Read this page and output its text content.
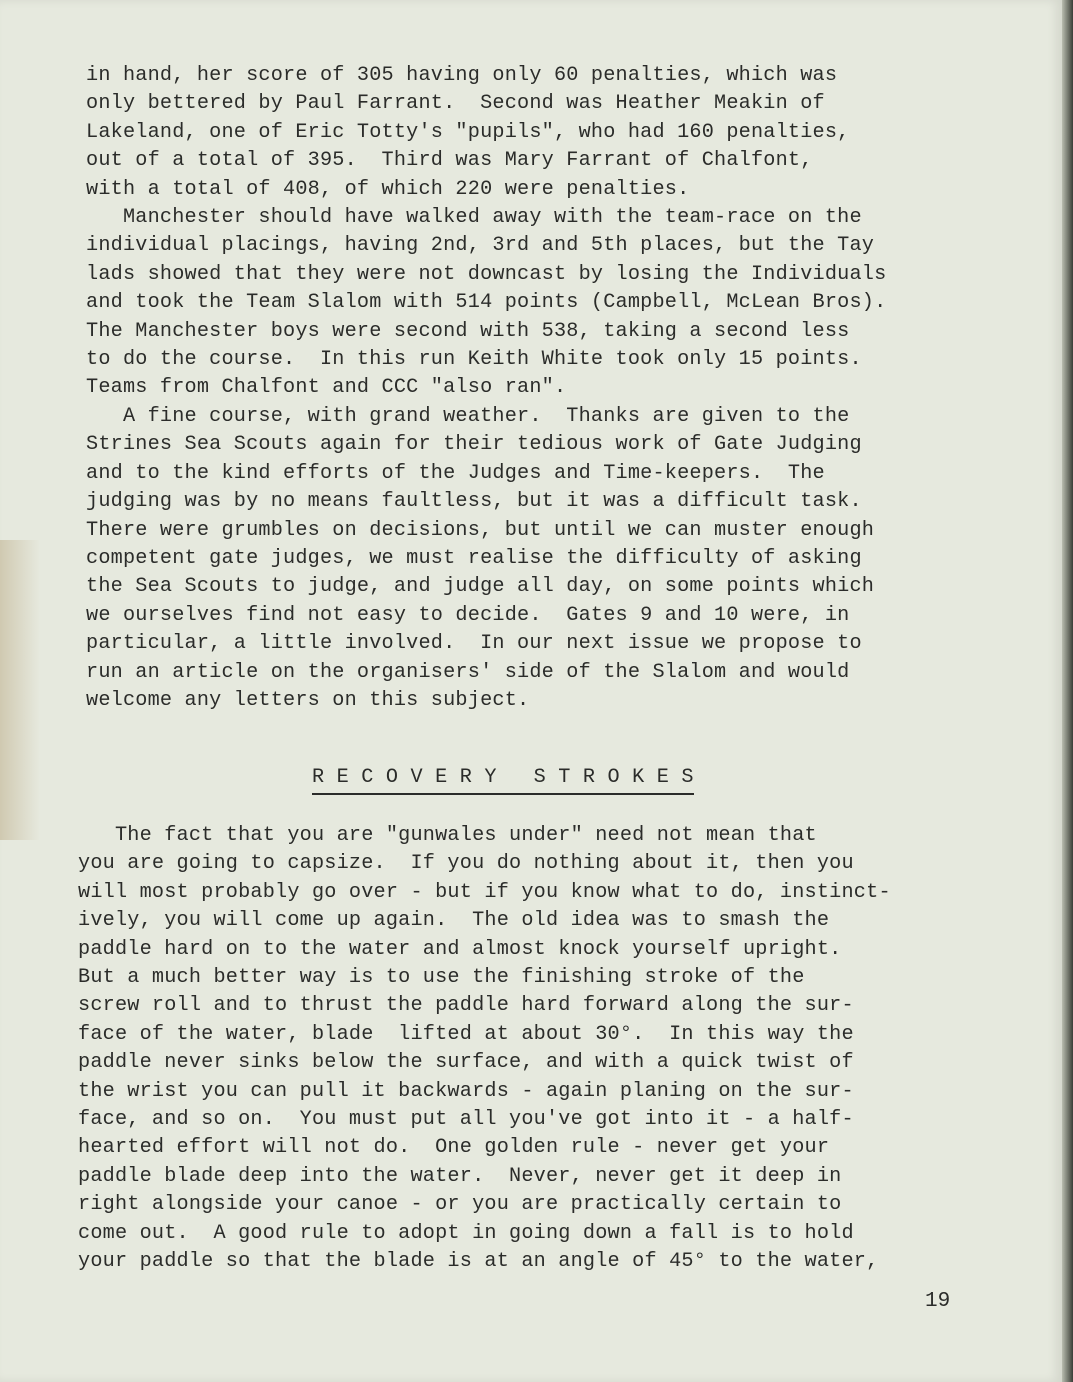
in hand, her score of 305 having only 60 penalties, which was
only bettered by Paul Farrant.  Second was Heather Meakin of
Lakeland, one of Eric Totty's "pupils", who had 160 penalties,
out of a total of 395.  Third was Mary Farrant of Chalfont,
with a total of 408, of which 220 were penalties.
Manchester should have walked away with the team-race on the
individual placings, having 2nd, 3rd and 5th places, but the Tay
lads showed that they were not downcast by losing the Individuals
and took the Team Slalom with 514 points (Campbell, McLean Bros).
The Manchester boys were second with 538, taking a second less
to do the course.  In this run Keith White took only 15 points.
Teams from Chalfont and CCC "also ran".
A fine course, with grand weather.  Thanks are given to the
Strines Sea Scouts again for their tedious work of Gate Judging
and to the kind efforts of the Judges and Time-keepers.  The
judging was by no means faultless, but it was a difficult task.
There were grumbles on decisions, but until we can muster enough
competent gate judges, we must realise the difficulty of asking
the Sea Scouts to judge, and judge all day, on some points which
we ourselves find not easy to decide.  Gates 9 and 10 were, in
particular, a little involved.  In our next issue we propose to
run an article on the organisers' side of the Slalom and would
welcome any letters on this subject.
R E C O V E R Y   S T R O K E S
The fact that you are "gunwales under" need not mean that
you are going to capsize.  If you do nothing about it, then you
will most probably go over - but if you know what to do, instinct-
ively, you will come up again.  The old idea was to smash the
paddle hard on to the water and almost knock yourself upright.
But a much better way is to use the finishing stroke of the
screw roll and to thrust the paddle hard forward along the sur-
face of the water, blade  lifted at about 30°.  In this way the
paddle never sinks below the surface, and with a quick twist of
the wrist you can pull it backwards - again planing on the sur-
face, and so on.  You must put all you've got into it - a half-
hearted effort will not do.  One golden rule - never get your
paddle blade deep into the water.  Never, never get it deep in
right alongside your canoe - or you are practically certain to
come out.  A good rule to adopt in going down a fall is to hold
your paddle so that the blade is at an angle of 45° to the water,
19
